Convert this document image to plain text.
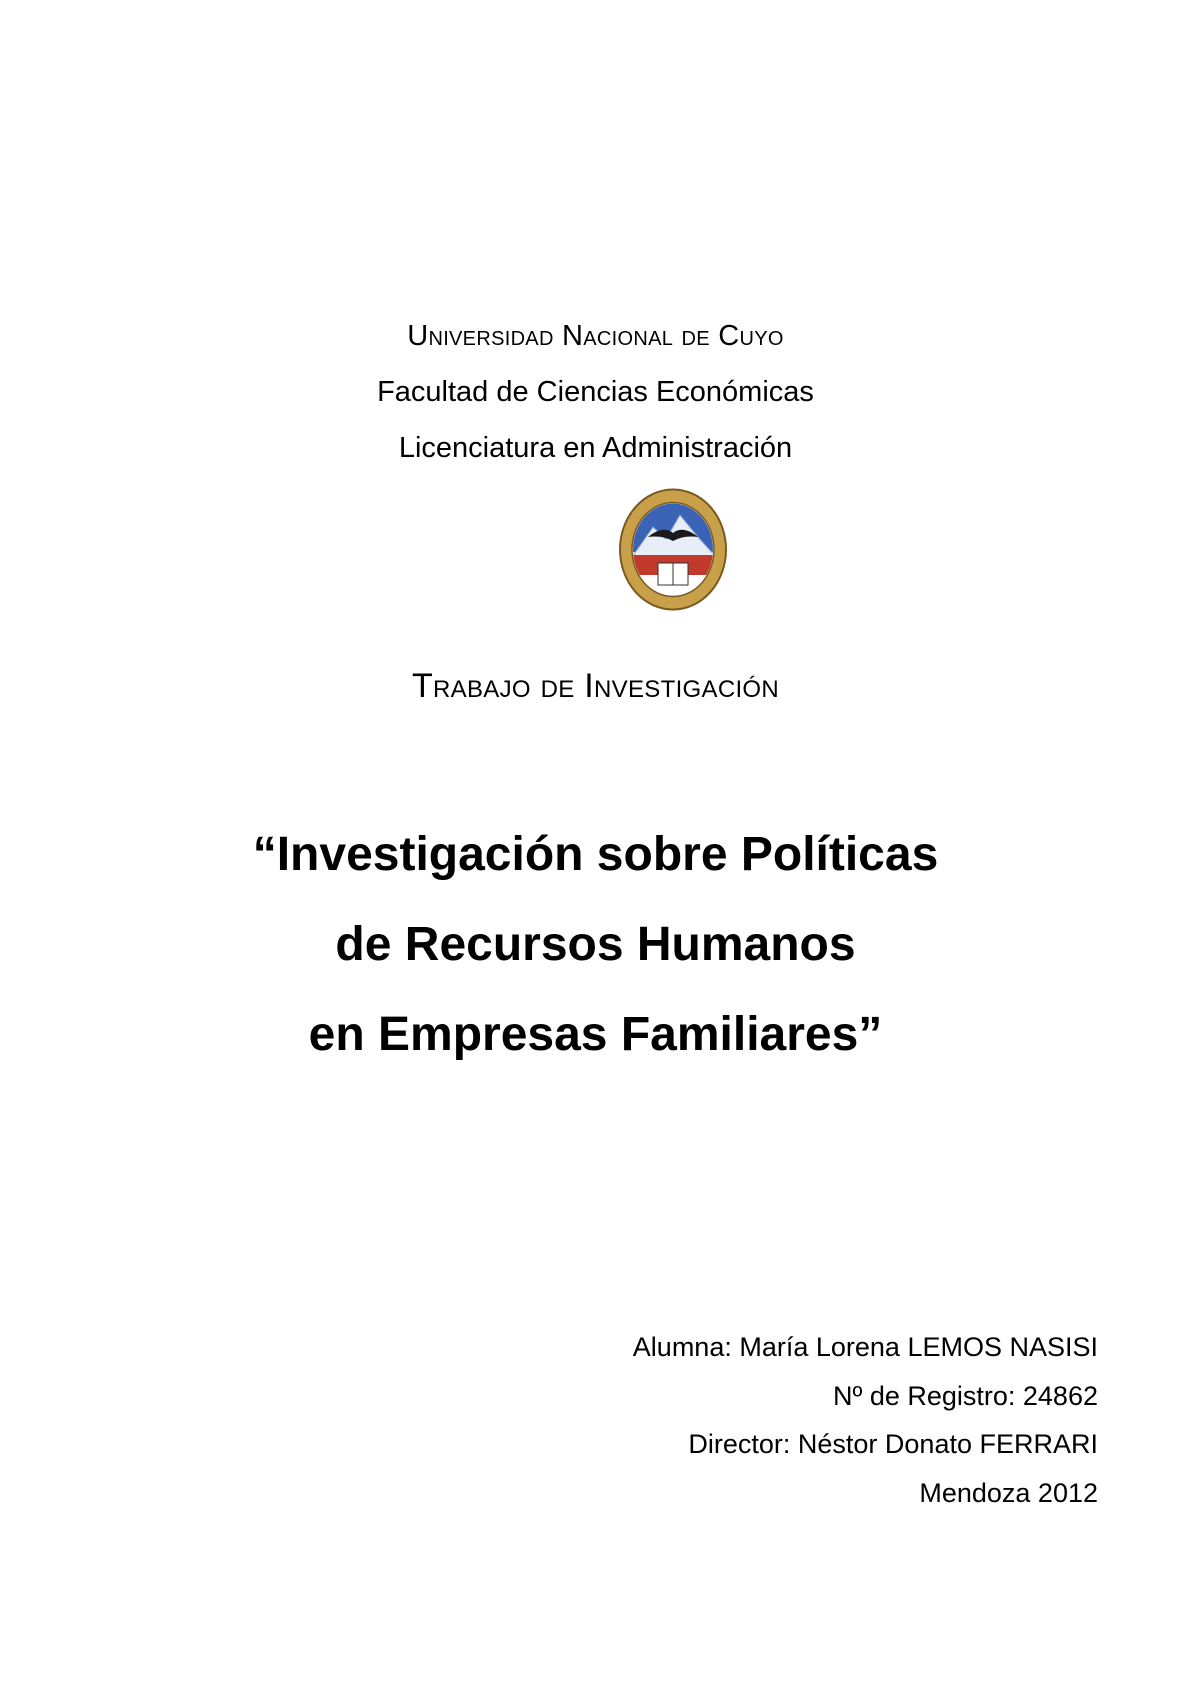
Universidad Nacional de Cuyo
Facultad de Ciencias Económicas
Licenciatura en Administración
Trabajo de Investigación
“Investigación sobre Políticas
de Recursos Humanos
en Empresas Familiares”
Alumna: María Lorena LEMOS NASISI
Nº de Registro: 24862
Director: Néstor Donato FERRARI
Mendoza 2012
